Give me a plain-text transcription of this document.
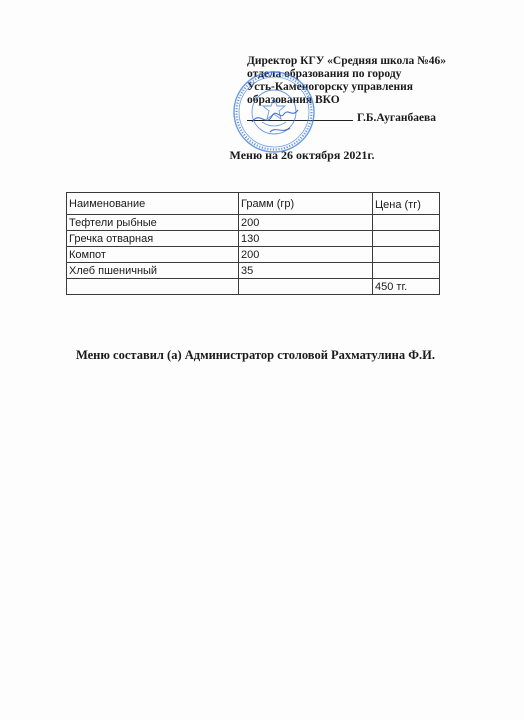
Директор КГУ «Средняя школа №46»
отдела образования по городу
Усть-Каменогорску управления
образования ВКО
Г.Б.Ауганбаева
Меню на 26 октября 2021г.
Наименование	Грамм (гр)	Цена (тг)
Тефтели рыбные	200	
Гречка отварная	130	
Компот	200	
Хлеб пшеничный	35	
		450 тг.
Меню составил (а) Администратор столовой Рахматулина Ф.И.
